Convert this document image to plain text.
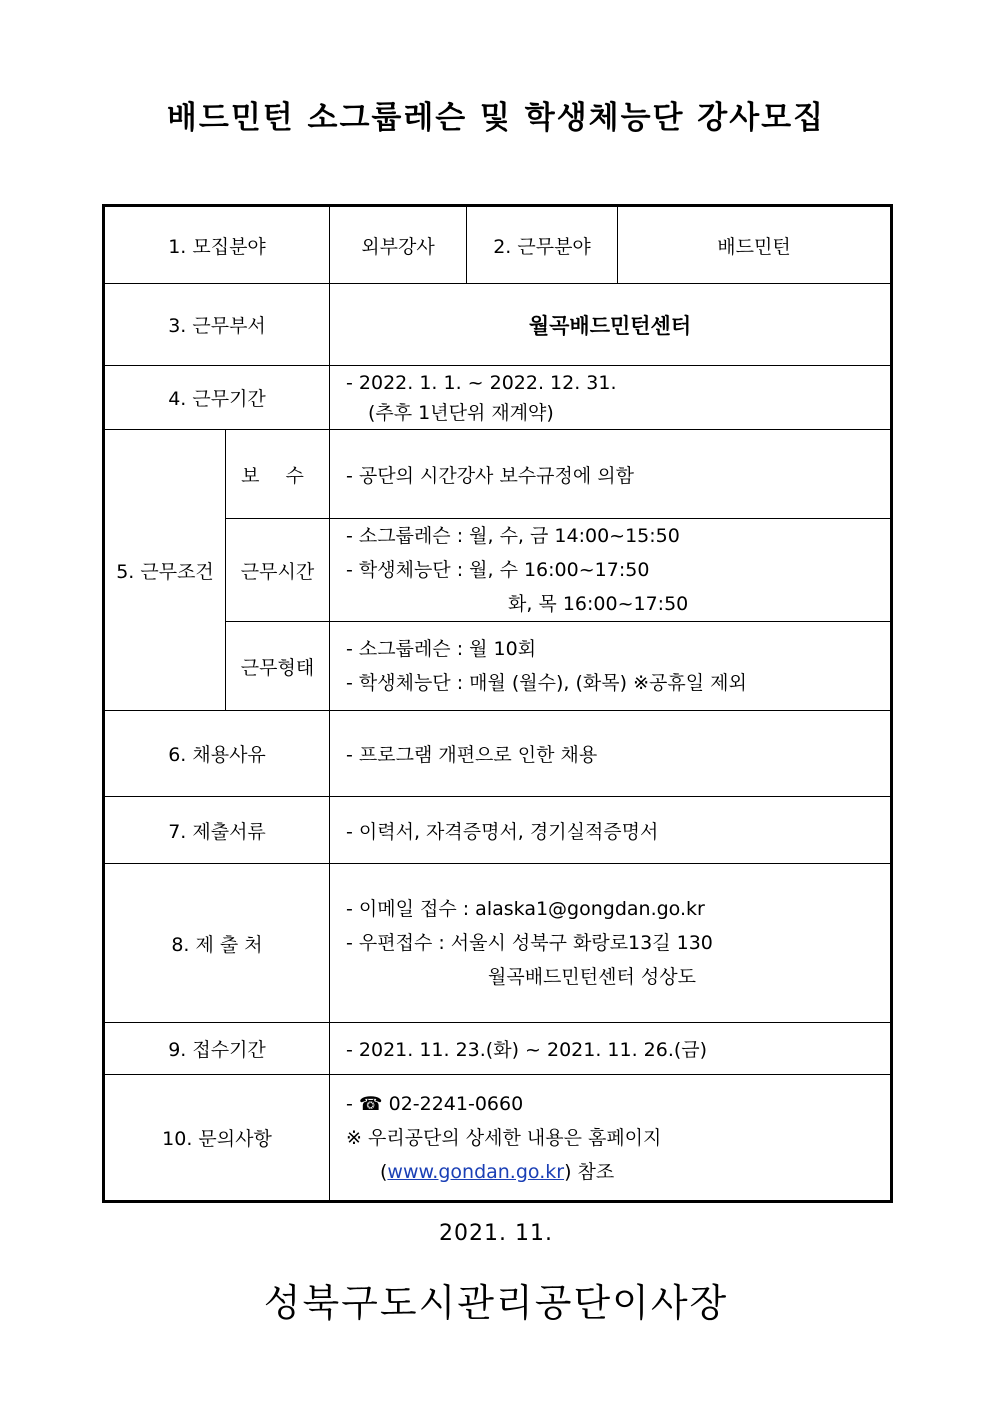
배드민턴 소그룹레슨 및 학생체능단 강사모집
1. 모집분야		외부강사	2. 근무분야	배드민턴
3. 근무부서		월곡배드민턴센터		
4. 근무기간		- 2022. 1. 1. ~ 2022. 12. 31.
(추후 1년단위 재계약)		

5. 근무조건	보 수	- 공단의 시간강사 보수규정에 의함		
	근무시간	- 소그룹레슨 : 월, 수, 금 14:00~15:50
- 학생체능단 : 월, 수 16:00~17:50
화, 목 16:00~17:50		

	근무형태	- 소그룹레슨 : 월 10회
- 학생체능단 : 매월 (월수), (화목) ※공휴일 제외		

6. 채용사유		- 프로그램 개편으로 인한 채용		
7. 제출서류		- 이력서, 자격증명서, 경기실적증명서		
8. 제 출 처		- 이메일 접수 : alaska1@gongdan.go.kr
- 우편접수 : 서울시 성북구 화랑로13길 130
월곡배드민턴센터 성상도		

9. 접수기간		- 2021. 11. 23.(화) ~ 2021. 11. 26.(금)		
10. 문의사항		- ☎ 02-2241-0660
※ 우리공단의 상세한 내용은 홈페이지
(www.gondan.go.kr) 참조		
2021. 11.
성북구도시관리공단이사장
